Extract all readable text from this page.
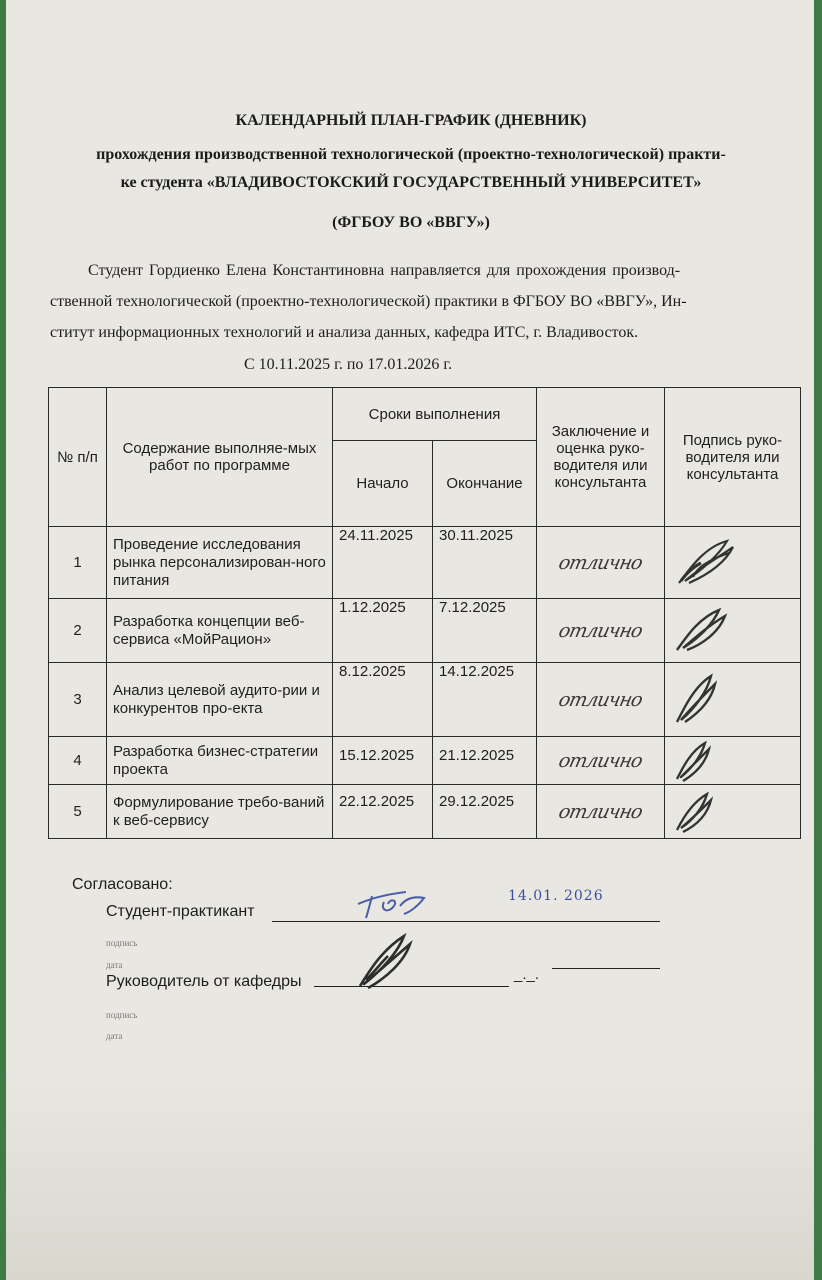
КАЛЕНДАРНЫЙ ПЛАН-ГРАФИК (ДНЕВНИК)
прохождения производственной технологической (проектно-технологической) практи-
ке студента «ВЛАДИВОСТОКСКИЙ ГОСУДАРСТВЕННЫЙ УНИВЕРСИТЕТ»
(ФГБОУ ВО «ВВГУ»)
Студент Гордиенко Елена Константиновна направляется для прохождения производ-
ственной технологической (проектно-технологической) практики в ФГБОУ ВО «ВВГУ», Ин-
ститут информационных технологий и анализа данных, кафедра ИТС, г. Владивосток.
С 10.11.2025 г. по 17.01.2026 г.
№ п/п	Содержание выполняе-мых работ по программе	Сроки выполнения		Заключение и оценка руко-водителя или консультанта	Подпись руко-водителя или консультанта
		Начало	Окончание		
1	Проведение исследования рынка персонализирован-ного питания	24.11.2025	30.11.2025	отлично	

2	Разработка концепции веб-сервиса «МойРацион»	1.12.2025	7.12.2025	отлично	

3	Анализ целевой аудито-рии и конкурентов про-екта	8.12.2025	14.12.2025	отлично	

4	Разработка бизнес-стратегии проекта	15.12.2025	21.12.2025	отлично	

5	Формулирование требо-ваний к веб-сервису	22.12.2025	29.12.2025	отлично	
Согласовано:
Студент-практикант
14.01. 2026
подпись
дата
Руководитель от кафедры	_._.
подпись
дата
